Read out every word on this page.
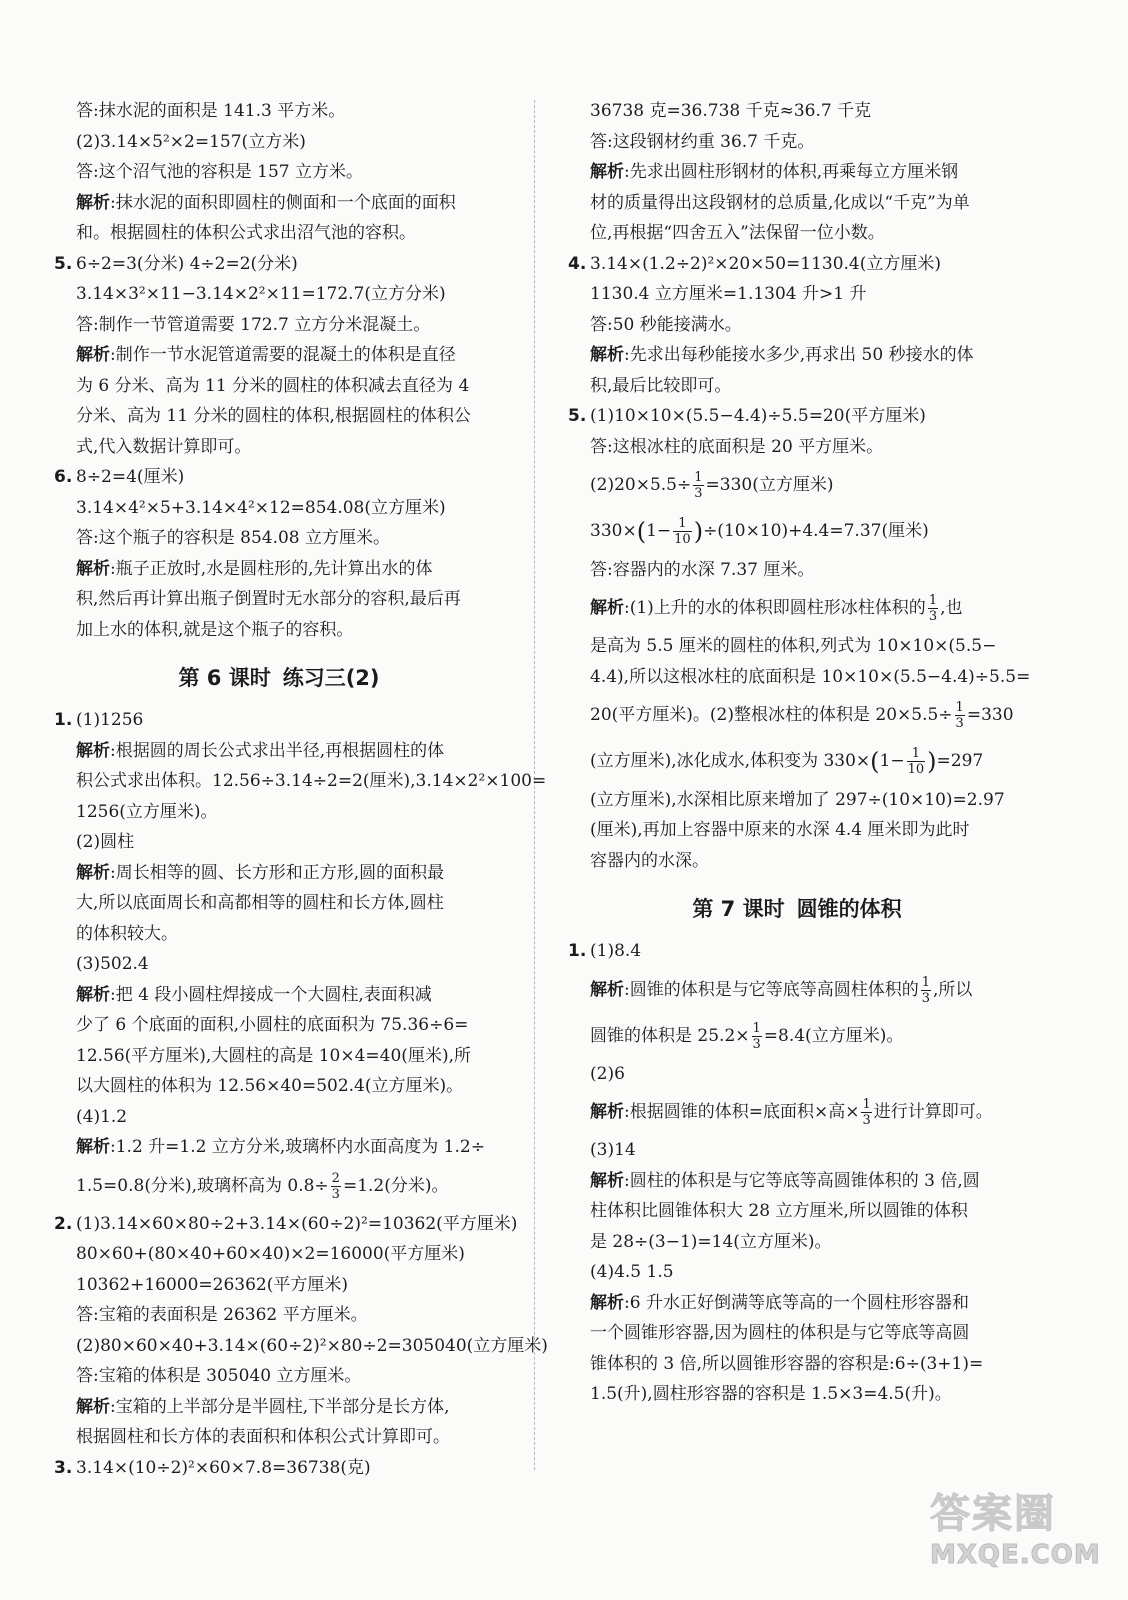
答:抹水泥的面积是 141.3 平方米。
(2)3.14×5²×2=157(立方米)
答:这个沼气池的容积是 157 立方米。
解析:抹水泥的面积即圆柱的侧面和一个底面的面积
和。根据圆柱的体积公式求出沼气池的容积。
5. 6÷2=3(分米) 4÷2=2(分米)
3.14×3²×11−3.14×2²×11=172.7(立方分米)
答:制作一节管道需要 172.7 立方分米混凝土。
解析:制作一节水泥管道需要的混凝土的体积是直径
为 6 分米、高为 11 分米的圆柱的体积减去直径为 4
分米、高为 11 分米的圆柱的体积,根据圆柱的体积公
式,代入数据计算即可。
6. 8÷2=4(厘米)
3.14×4²×5+3.14×4²×12=854.08(立方厘米)
答:这个瓶子的容积是 854.08 立方厘米。
解析:瓶子正放时,水是圆柱形的,先计算出水的体
积,然后再计算出瓶子倒置时无水部分的容积,最后再
加上水的体积,就是这个瓶子的容积。
第 6 课时 练习三(2)
1. (1)1256
解析:根据圆的周长公式求出半径,再根据圆柱的体
积公式求出体积。12.56÷3.14÷2=2(厘米),3.14×2²×100=
1256(立方厘米)。
(2)圆柱
解析:周长相等的圆、长方形和正方形,圆的面积最
大,所以底面周长和高都相等的圆柱和长方体,圆柱
的体积较大。
(3)502.4
解析:把 4 段小圆柱焊接成一个大圆柱,表面积减
少了 6 个底面的面积,小圆柱的底面积为 75.36÷6=
12.56(平方厘米),大圆柱的高是 10×4=40(厘米),所
以大圆柱的体积为 12.56×40=502.4(立方厘米)。
(4)1.2
解析:1.2 升=1.2 立方分米,玻璃杯内水面高度为 1.2÷
1.5=0.8(分米),玻璃杯高为 $0.8\div \frac{2}{3} =1.2$(分米)。
2. (1)3.14×60×80÷2+3.14×(60÷2)²=10362(平方厘米)
80×60+(80×40+60×40)×2=16000(平方厘米)
10362+16000=26362(平方厘米)
答:宝箱的表面积是 26362 平方厘米。
(2)80×60×40+3.14×(60÷2)²×80÷2=305040(立方厘米)
答:宝箱的体积是 305040 立方厘米。
解析:宝箱的上半部分是半圆柱,下半部分是长方体,
根据圆柱和长方体的表面积和体积公式计算即可。
3. 3.14×(10÷2)²×60×7.8=36738(克)
36738 克=36.738 千克≈36.7 千克
答:这段钢材约重 36.7 千克。
解析:先求出圆柱形钢材的体积,再乘每立方厘米钢
材的质量得出这段钢材的总质量,化成以“千克”为单
位,再根据“四舍五入”法保留一位小数。
4. 3.14×(1.2÷2)²×20×50=1130.4(立方厘米)
1130.4 立方厘米=1.1304 升>1 升
答:50 秒能接满水。
解析:先求出每秒能接水多少,再求出 50 秒接水的体
积,最后比较即可。
5. (1)10×10×(5.5−4.4)÷5.5=20(平方厘米)
答:这根冰柱的底面积是 20 平方厘米。
$(2)20\times 5.5\div \frac{1}{3} =330$(立方厘米)
$330\times(1- \frac{1}{10} )\div(10\times 10)+4.4=7.37$(厘米)
答:容器内的水深 7.37 厘米。
解析:(1)上升的水的体积即圆柱形冰柱体积的 $\frac{1}{3}$ ,也
是高为 5.5 厘米的圆柱的体积,列式为 10×10×(5.5−
4.4),所以这根冰柱的底面积是 10×10×(5.5−4.4)÷5.5=
20(平方厘米)。(2)整根冰柱的体积是 $20\times 5.5\div \frac{1}{3} =330$
(立方厘米),冰化成水,体积变为 $330\times(1- \frac{1}{10} )=297$
(立方厘米),水深相比原来增加了 297÷(10×10)=2.97
(厘米),再加上容器中原来的水深 4.4 厘米即为此时
容器内的水深。
第 7 课时 圆锥的体积
1. (1)8.4
解析:圆锥的体积是与它等底等高圆柱体积的 $\frac{1}{3}$ ,所以
圆锥的体积是 $25.2\times \frac{1}{3} =8.4$(立方厘米)。
(2)6
解析:根据圆锥的体积=底面积×高× $\frac{1}{3}$ 进行计算即可。
(3)14
解析:圆柱的体积是与它等底等高圆锥体积的 3 倍,圆
柱体积比圆锥体积大 28 立方厘米,所以圆锥的体积
是 28÷(3−1)=14(立方厘米)。
(4)4.5 1.5
解析:6 升水正好倒满等底等高的一个圆柱形容器和
一个圆锥形容器,因为圆柱的体积是与它等底等高圆
锥体积的 3 倍,所以圆锥形容器的容积是:6÷(3+1)=
1.5(升),圆柱形容器的容积是 1.5×3=4.5(升)。
答案圈
MXQE.COM
